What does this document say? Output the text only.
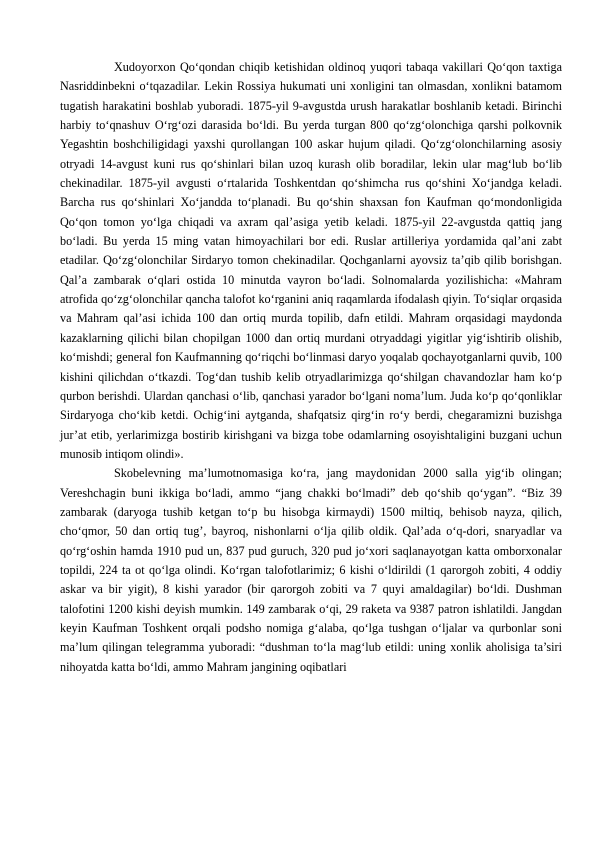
Xudoyorxon Qo‘qondan chiqib ketishidan oldinoq yuqori tabaqa vakillari Qo‘qon taxtiga Nasriddinbekni o‘tqazadilar. Lekin Rossiya hukumati uni xonligini tan olmasdan, xonlikni batamom tugatish harakatini boshlab yuboradi. 1875-yil 9-avgustda urush harakatlar boshlanib ketadi. Birinchi harbiy to‘qnashuv O‘rg‘ozi darasida bo‘ldi. Bu yerda turgan 800 qo‘zg‘olonchiga qarshi polkovnik Yegashtin boshchiligidagi yaxshi qurollangan 100 askar hujum qiladi. Qo‘zg‘olonchilarning asosiy otryadi 14-avgust kuni rus qo‘shinlari bilan uzoq kurash olib boradilar, lekin ular mag‘lub bo‘lib chekinadilar. 1875-yil avgusti o‘rtalarida Toshkentdan qo‘shimcha rus qo‘shini Xo‘jandga keladi. Barcha rus qo‘shinlari Xo‘jandda to‘planadi. Bu qo‘shin shaxsan fon Kaufman qo‘mondonligida Qo‘qon tomon yo‘lga chiqadi va axram qal’asiga yetib keladi. 1875-yil 22-avgustda qattiq jang bo‘ladi. Bu yerda 15 ming vatan himoyachilari bor edi. Ruslar artilleriya yordamida qal’ani zabt etadilar. Qo‘zg‘olonchilar Sirdaryo tomon chekinadilar. Qochganlarni ayovsiz ta’qib qilib borishgan. Qal’a zambarak o‘qlari ostida 10 minutda vayron bo‘ladi. Solnomalarda yozilishicha: «Mahram atrofida qo‘zg‘olonchilar qancha talofot ko‘rganini aniq raqamlarda ifodalash qiyin. To‘siqlar orqasida va Mahram qal’asi ichida 100 dan ortiq murda topilib, dafn etildi. Mahram orqasidagi maydonda kazaklarning qilichi bilan chopilgan 1000 dan ortiq murdani otryaddagi yigitlar yig‘ishtirib olishib, ko‘mishdi; general fon Kaufmanning qo‘riqchi bo‘linmasi daryo yoqalab qochayotganlarni quvib, 100 kishini qilichdan o‘tkazdi. Tog‘dan tushib kelib otryadlarimizga qo‘shilgan chavandozlar ham ko‘p qurbon berishdi. Ulardan qanchasi o‘lib, qanchasi yarador bo‘lgani noma’lum. Juda ko‘p qo‘qonliklar Sirdaryoga cho‘kib ketdi. Ochig‘ini aytganda, shafqatsiz qirg‘in ro‘y berdi, chegaramizni buzishga jur’at etib, yerlarimizga bostirib kirishgani va bizga tobe odamlarning osoyishtaligini buzgani uchun munosib intiqom olindi».

Skobelevning ma’lumotnomasiga ko‘ra, jang maydonidan 2000 salla yig‘ib olingan; Vereshchagin buni ikkiga bo‘ladi, ammo “jang chakki bo‘lmadi” deb qo‘shib qo‘ygan”. “Biz 39 zambarak (daryoga tushib ketgan to‘p bu hisobga kirmaydi) 1500 miltiq, behisob nayza, qilich, cho‘qmor, 50 dan ortiq tug’, bayroq, nishonlarni o‘lja qilib oldik. Qal’ada o‘q-dori, snaryadlar va qo‘rg‘oshin hamda 1910 pud un, 837 pud guruch, 320 pud jo‘xori saqlanayotgan katta omborxonalar topildi, 224 ta ot qo‘lga olindi. Ko‘rgan talofotlarimiz; 6 kishi o‘ldirildi (1 qarorgoh zobiti, 4 oddiy askar va bir yigit), 8 kishi yarador (bir qarorgoh zobiti va 7 quyi amaldagilar) bo‘ldi. Dushman talofotini 1200 kishi deyish mumkin. 149 zambarak o‘qi, 29 raketa va 9387 patron ishlatildi. Jangdan keyin Kaufman Toshkent orqali podsho nomiga g‘alaba, qo‘lga tushgan o‘ljalar va qurbonlar soni ma’lum qilingan telegramma yuboradi: “dushman to‘la mag‘lub etildi: uning xonlik aholisiga ta’siri nihoyatda katta bo‘ldi, ammo Mahram jangining oqibatlari
